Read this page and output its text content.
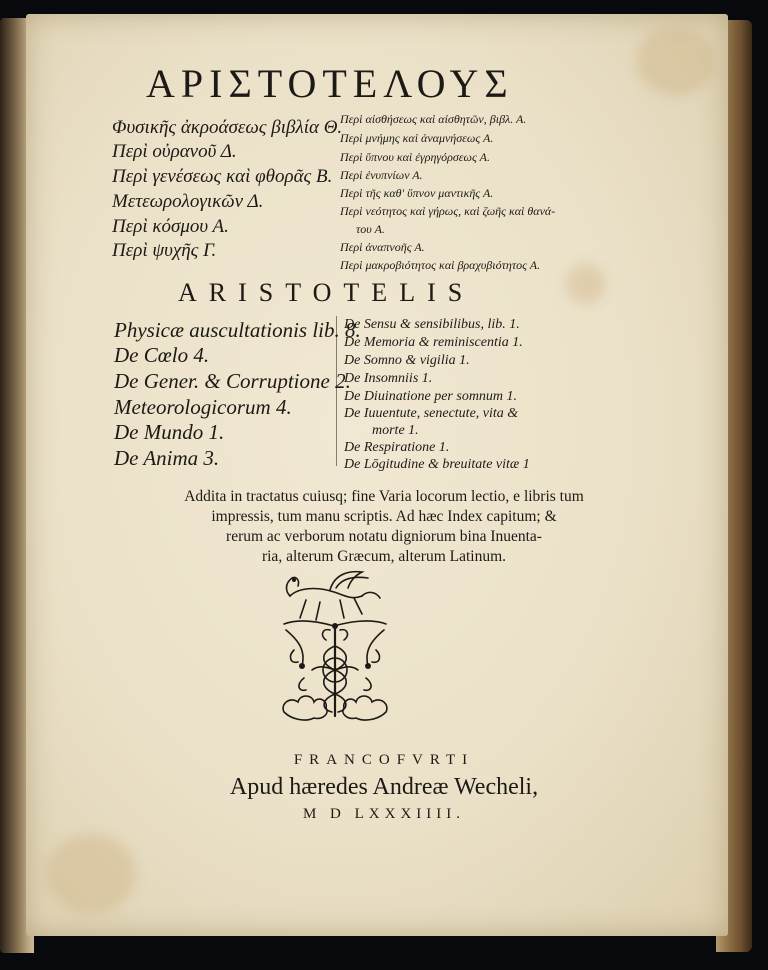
ΑΡΙΣΤΟΤΕΛΟΥΣ
Φυσικῆς ἀκροάσεως βιβλία Θ.
Περὶ οὐρανοῦ Δ.
Περὶ γενέσεως καὶ φθορᾶς Β.
Μετεωρολογικῶν Δ.
Περὶ κόσμου Α.
Περὶ ψυχῆς Γ.
Περὶ αἰσθήσεως καὶ αἰσθητῶν, βιβλ. Α.
Περὶ μνήμης καὶ ἀναμνήσεως Α.
Περὶ ὕπνου καὶ ἐγρηγόρσεως Α.
Περὶ ἐνυπνίων Α.
Περὶ τῆς καθ' ὕπνον μαντικῆς Α.
Περὶ νεότητος καὶ γήρως, καὶ ζωῆς καὶ θανά-
του Α.
Περὶ ἀναπνοῆς Α.
Περὶ μακροβιότητος καὶ βραχυβιότητος Α.
ARISTOTELIS
Physicæ auscultationis lib. 8.
De Cœlo 4.
De Gener. & Corruptione 2.
Meteorologicorum 4.
De Mundo 1.
De Anima 3.
De Sensu & sensibilibus, lib. 1.
De Memoria & reminiscentia 1.
De Somno & vigilia 1.
De Insomniis 1.
De Diuinatione per somnum 1.
De Iuuentute, senectute, vita &
morte 1.
De Respiratione 1.
De Lōgitudine & breuitate vitæ 1
Addita in tractatus cuiusq; fine Varia locorum lectio, e libris tum
impressis, tum manu scriptis. Ad hæc Index capitum; &
rerum ac verborum notatu digniorum bina Inuenta-
ria, alterum Græcum, alterum Latinum.
FRANCOFVRTI
Apud hæredes Andreæ Wecheli,
M D LXXXIIII.
